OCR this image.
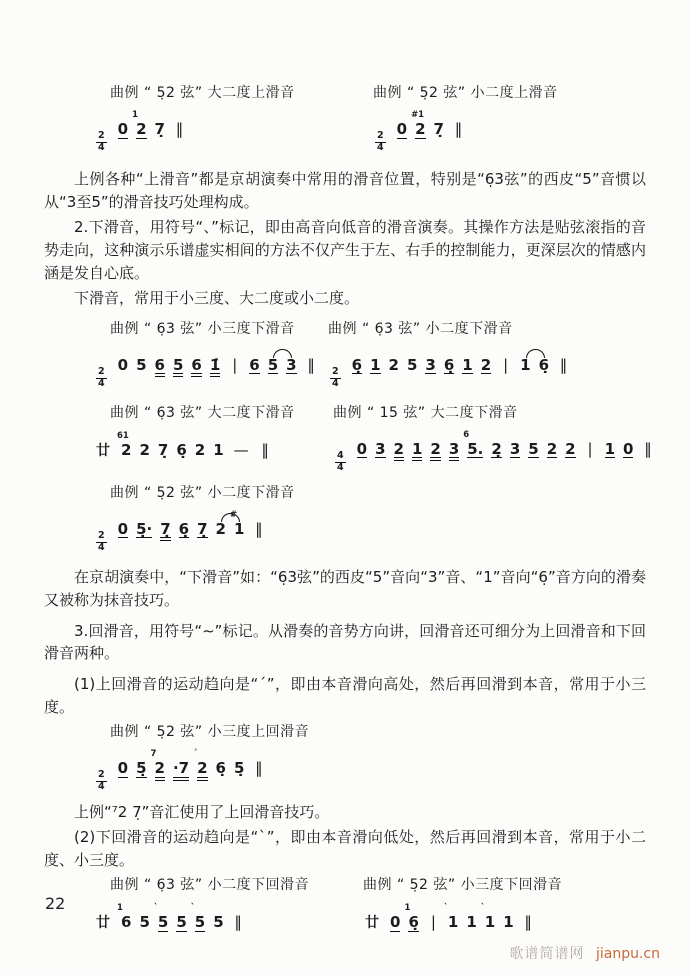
曲例 “ 5̣2 弦” 大二度上滑音
$\frac{2}{4}$
0 2
1
7̣ ‖
曲例 “ 5̣2 弦” 小二度上滑音
$\frac{2}{4}$
0 2
#1
7̣ ‖

上例各种“上滑音”都是京胡演奏中常用的滑音位置，特别是“6̣3弦”的西皮“5”音惯以从“3至5”的滑音技巧处理构成。

2.下滑音，用符号“、”标记，即由高音向低音的滑音演奏。其操作方法是贴弦滚指的音势走向，这种演示乐谱虚实相间的方法不仅产生于左、右手的控制能力，更深层次的情感内涵是发自心底。

下滑音，常用于小三度、大二度或小二度。

曲例 “ 6̣3 弦” 小三度下滑音
$\frac{2}{4}$
0 5 6 5 6 1̇ | 6 5 3 ‖
曲例 “ 6̣3 弦” 小二度下滑音
$\frac{2}{4}$
6̣ 1 2 5 3 6̣ 1 2 | 1 6̣ ‖
曲例 “ 6̣3 弦” 大二度下滑音
廿 2
61
2 7̣ 6̣ 2 1 — ‖
曲例 “ 15 弦” 大二度下滑音
$\frac{4}{4}$
0 3 2 1 2 3 5.
6
2̣ 3 5 2 2 | 1 0 ‖
曲例 “ 5̣2 弦” 小二度下滑音
$\frac{2}{4}$
0 5̣· 7̣ 6̣ 7̣ 2 1
#
‖

在京胡演奏中，“下滑音”如：“6̣3弦”的西皮“5”音向“3”音、“1”音向“6̣”音方向的滑奏又被称为抹音技巧。

3.回滑音，用符号“∼”标记。从滑奏的音势方向讲，回滑音还可细分为上回滑音和下回滑音两种。

(1)上回滑音的运动趋向是“ˊ”，即由本音滑向高处，然后再回滑到本音，常用于小三度。

曲例 “ 5̣2 弦” 小三度上回滑音
$\frac{2}{4}$
0 5̣ 2
7
·7 2
ˊ
6̣ 5̣ ‖

上例“⁷2 7̣”音汇使用了上回滑音技巧。

(2)下回滑音的运动趋向是“ˋ”，即由本音滑向低处，然后再回滑到本音，常用于小二度、小三度。

曲例 “ 6̣3 弦” 小二度下回滑音
廿 6
1
5 5
ˋ
5 5
ˋ
5 ‖
曲例 “ 5̣2 弦” 小三度下回滑音
廿 0 6̣
1
| 1
ˋ
1 1
ˋ
1 ‖
22
歌谱简谱网 jianpu.cn
